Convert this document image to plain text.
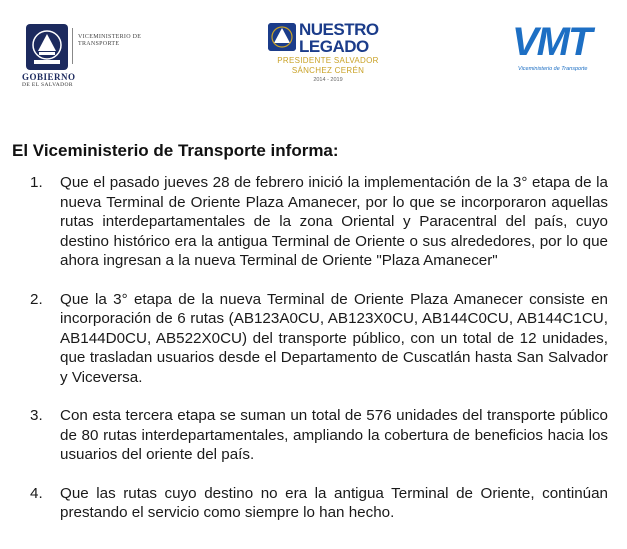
VICEMINISTERIO DE TRANSPORTE
GOBIERNO
DE EL SALVADOR
NUESTRO
LEGADO
PRESIDENTE SALVADOR
SÁNCHEZ CERÉN
2014 - 2019
VMT
Viceministerio de Transporte
El Viceministerio de Transporte informa:
1. Que el pasado jueves 28 de febrero inició la implementación de la 3° etapa de la nueva Terminal de Oriente Plaza Amanecer, por lo que se incorporaron aquellas rutas interdepartamentales de la zona Oriental y Paracentral del país, cuyo destino histórico era la antigua Terminal de Oriente o sus alrededores, por lo que ahora ingresan a la nueva Terminal de Oriente "Plaza Amanecer"
2. Que la 3° etapa de la nueva Terminal de Oriente Plaza Amanecer consiste en incorporación de 6 rutas (AB123A0CU, AB123X0CU, AB144C0CU, AB144C1CU, AB144D0CU, AB522X0CU) del transporte público, con un total de 12 unidades, que trasladan usuarios desde el Departamento de Cuscatlán hasta San Salvador y Viceversa.
3. Con esta tercera etapa se suman un total de 576 unidades del transporte público de 80 rutas interdepartamentales, ampliando la cobertura de beneficios hacia los usuarios del oriente del país.
4. Que las rutas cuyo destino no era la antigua Terminal de Oriente, continúan prestando el servicio como siempre lo han hecho.
